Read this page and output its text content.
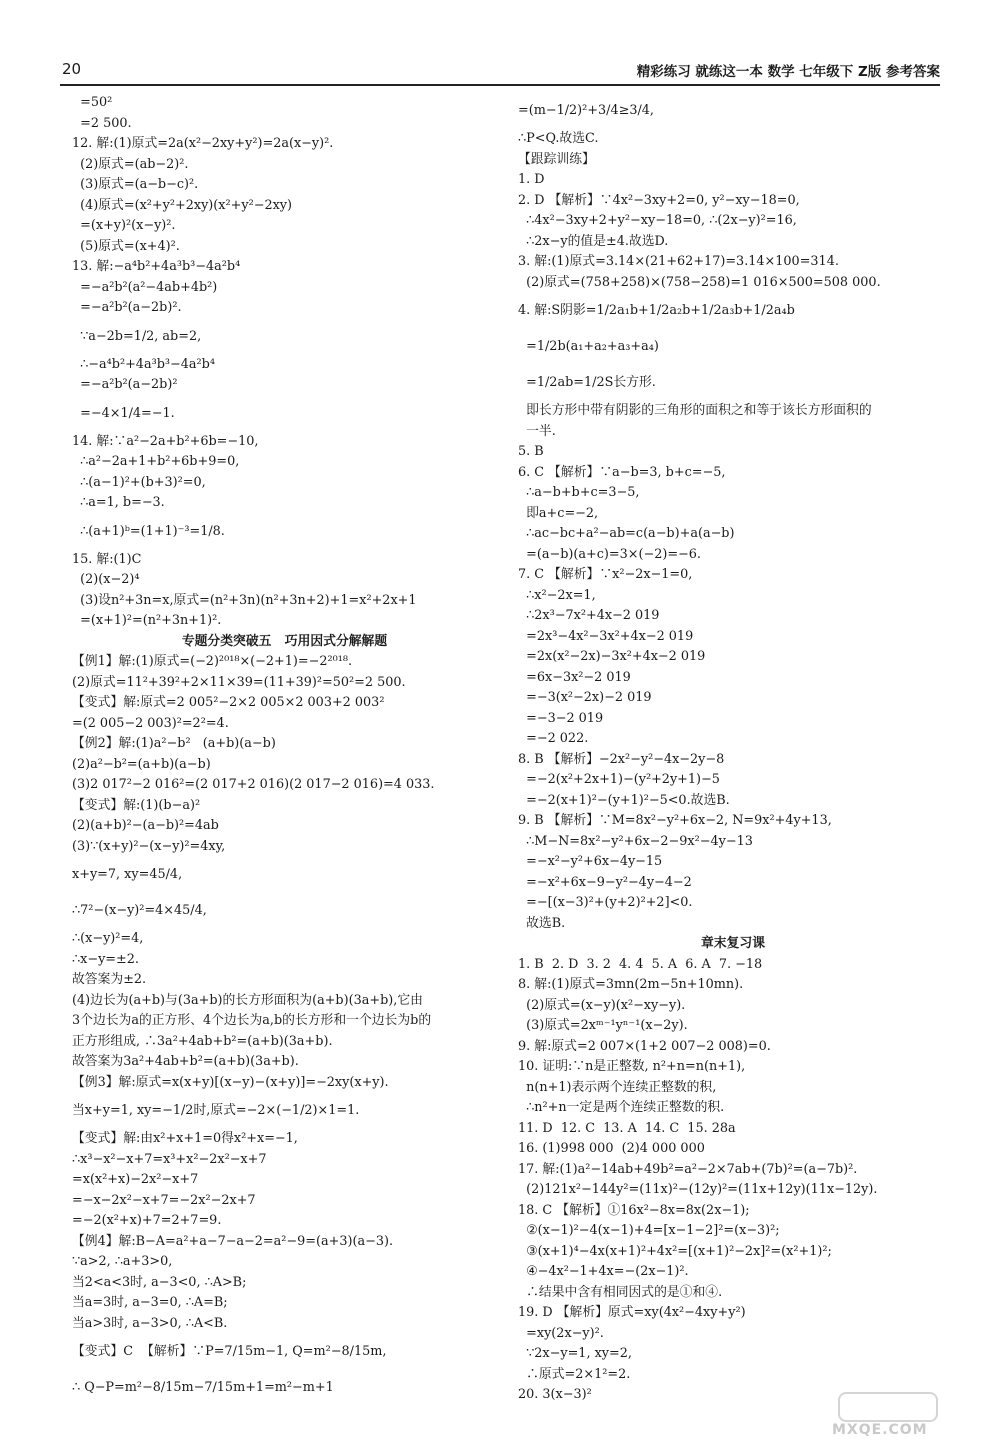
20	精彩练习 就练这一本 数学 七年级下 Z版 参考答案
=50²
=2 500.
12. 解:(1)原式=2a(x²−2xy+y²)=2a(x−y)².
(2)原式=(ab−2)².
(3)原式=(a−b−c)².
(4)原式=(x²+y²+2xy)(x²+y²−2xy)
=(x+y)²(x−y)².
(5)原式=(x+4)².
13. 解:−a⁴b²+4a³b³−4a²b⁴
=−a²b²(a²−4ab+4b²)
=−a²b²(a−2b)².
∵a−2b=1/2, ab=2,
∴−a⁴b²+4a³b³−4a²b⁴
=−a²b²(a−2b)²
=−4×1/4=−1.
14. 解:∵a²−2a+b²+6b=−10,
∴a²−2a+1+b²+6b+9=0,
∴(a−1)²+(b+3)²=0,
∴a=1, b=−3.
∴(a+1)ᵇ=(1+1)⁻³=1/8.
15. 解:(1)C
(2)(x−2)⁴
(3)设n²+3n=x,原式=(n²+3n)(n²+3n+2)+1=x²+2x+1
=(x+1)²=(n²+3n+1)².
专题分类突破五   巧用因式分解解题
【例1】解:(1)原式=(−2)²⁰¹⁸×(−2+1)=−2²⁰¹⁸.
(2)原式=11²+39²+2×11×39=(11+39)²=50²=2 500.
【变式】解:原式=2 005²−2×2 005×2 003+2 003²
=(2 005−2 003)²=2²=4.
【例2】解:(1)a²−b²   (a+b)(a−b)
(2)a²−b²=(a+b)(a−b)
(3)2 017²−2 016²=(2 017+2 016)(2 017−2 016)=4 033.
【变式】解:(1)(b−a)²
(2)(a+b)²−(a−b)²=4ab
(3)∵(x+y)²−(x−y)²=4xy,
x+y=7, xy=45/4,
∴7²−(x−y)²=4×45/4,
∴(x−y)²=4,
∴x−y=±2.
故答案为±2.
(4)边长为(a+b)与(3a+b)的长方形面积为(a+b)(3a+b),它由
3个边长为a的正方形、4个边长为a,b的长方形和一个边长为b的
正方形组成, ∴3a²+4ab+b²=(a+b)(3a+b).
故答案为3a²+4ab+b²=(a+b)(3a+b).
【例3】解:原式=x(x+y)[(x−y)−(x+y)]=−2xy(x+y).
当x+y=1, xy=−1/2时,原式=−2×(−1/2)×1=1.
【变式】解:由x²+x+1=0得x²+x=−1,
∴x³−x²−x+7=x³+x²−2x²−x+7
=x(x²+x)−2x²−x+7
=−x−2x²−x+7=−2x²−2x+7
=−2(x²+x)+7=2+7=9.
【例4】解:B−A=a²+a−7−a−2=a²−9=(a+3)(a−3).
∵a>2, ∴a+3>0,
当2<a<3时, a−3<0, ∴A>B;
当a=3时, a−3=0, ∴A=B;
当a>3时, a−3>0, ∴A<B.
【变式】C  【解析】∵P=7/15m−1, Q=m²−8/15m,
∴ Q−P=m²−8/15m−7/15m+1=m²−m+1
=(m−1/2)²+3/4≥3/4,
∴P<Q.故选C.
【跟踪训练】
1. D
2. D 【解析】∵4x²−3xy+2=0, y²−xy−18=0,
∴4x²−3xy+2+y²−xy−18=0, ∴(2x−y)²=16,
∴2x−y的值是±4.故选D.
3. 解:(1)原式=3.14×(21+62+17)=3.14×100=314.
(2)原式=(758+258)×(758−258)=1 016×500=508 000.
4. 解:S阴影=1/2a₁b+1/2a₂b+1/2a₃b+1/2a₄b
=1/2b(a₁+a₂+a₃+a₄)
=1/2ab=1/2S长方形.
即长方形中带有阴影的三角形的面积之和等于该长方形面积的
一半.
5. B
6. C 【解析】∵a−b=3, b+c=−5,
∴a−b+b+c=3−5,
即a+c=−2,
∴ac−bc+a²−ab=c(a−b)+a(a−b)
=(a−b)(a+c)=3×(−2)=−6.
7. C 【解析】∵x²−2x−1=0,
∴x²−2x=1,
∴2x³−7x²+4x−2 019
=2x³−4x²−3x²+4x−2 019
=2x(x²−2x)−3x²+4x−2 019
=6x−3x²−2 019
=−3(x²−2x)−2 019
=−3−2 019
=−2 022.
8. B 【解析】−2x²−y²−4x−2y−8
=−2(x²+2x+1)−(y²+2y+1)−5
=−2(x+1)²−(y+1)²−5<0.故选B.
9. B 【解析】∵M=8x²−y²+6x−2, N=9x²+4y+13,
∴M−N=8x²−y²+6x−2−9x²−4y−13
=−x²−y²+6x−4y−15
=−x²+6x−9−y²−4y−4−2
=−[(x−3)²+(y+2)²+2]<0.
故选B.
章末复习课
1. B  2. D  3. 2  4. 4  5. A  6. A  7. −18
8. 解:(1)原式=3mn(2m−5n+10mn).
(2)原式=(x−y)(x²−xy−y).
(3)原式=2xᵐ⁻¹yⁿ⁻¹(x−2y).
9. 解:原式=2 007×(1+2 007−2 008)=0.
10. 证明:∵n是正整数, n²+n=n(n+1),
n(n+1)表示两个连续正整数的积,
∴n²+n一定是两个连续正整数的积.
11. D  12. C  13. A  14. C  15. 28a
16. (1)998 000  (2)4 000 000
17. 解:(1)a²−14ab+49b²=a²−2×7ab+(7b)²=(a−7b)².
(2)121x²−144y²=(11x)²−(12y)²=(11x+12y)(11x−12y).
18. C 【解析】①16x²−8x=8x(2x−1);
②(x−1)²−4(x−1)+4=[x−1−2]²=(x−3)²;
③(x+1)⁴−4x(x+1)²+4x²=[(x+1)²−2x]²=(x²+1)²;
④−4x²−1+4x=−(2x−1)².
∴结果中含有相同因式的是①和④.
19. D 【解析】原式=xy(4x²−4xy+y²)
=xy(2x−y)².
∵2x−y=1, xy=2,
∴原式=2×1²=2.
20. 3(x−3)²
MXQE.COM
